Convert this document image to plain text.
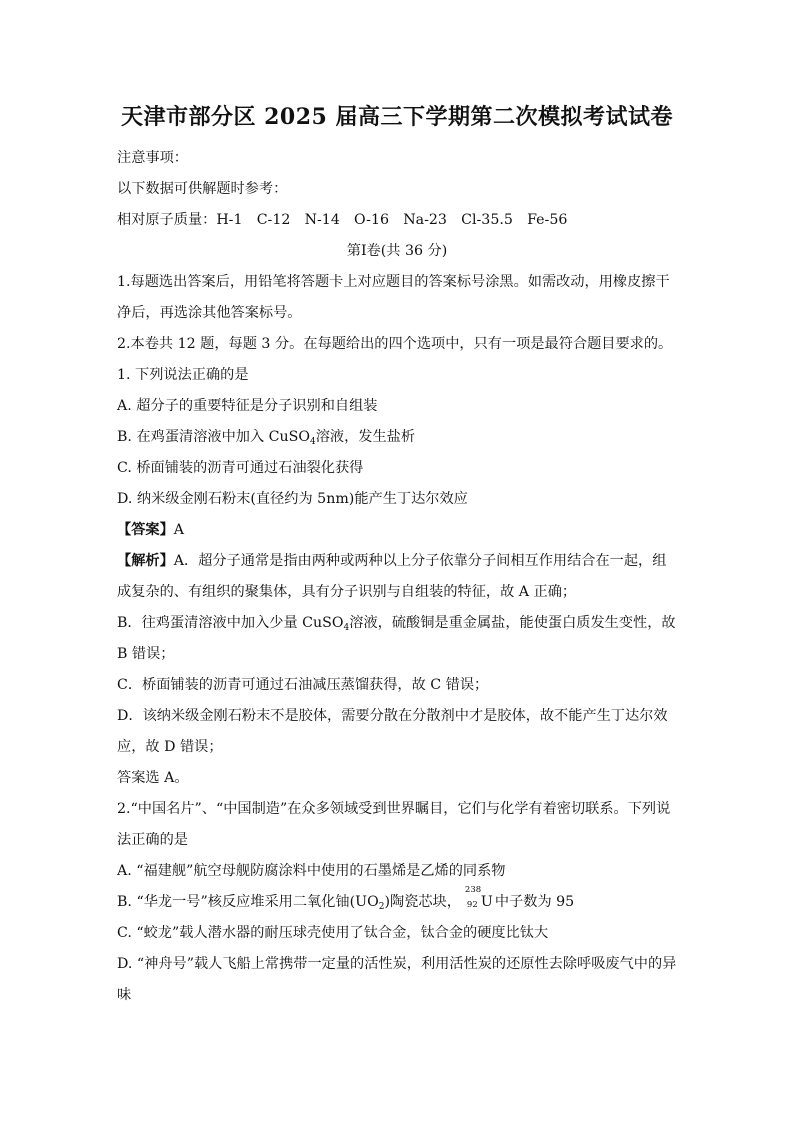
天津市部分区 2025 届高三下学期第二次模拟考试试卷
注意事项：
以下数据可供解题时参考：
相对原子质量：H-1　C-12　N-14　O-16　Na-23　Cl-35.5　Fe-56
第Ⅰ卷(共 36 分)
1.每题选出答案后，用铅笔将答题卡上对应题目的答案标号涂黑。如需改动，用橡皮擦干净后，再选涂其他答案标号。
2.本卷共 12 题，每题 3 分。在每题给出的四个选项中，只有一项是最符合题目要求的。
1. 下列说法正确的是
A. 超分子的重要特征是分子识别和自组装
B. 在鸡蛋清溶液中加入 CuSO$_4$溶液，发生盐析
C. 桥面铺装的沥青可通过石油裂化获得
D. 纳米级金刚石粉末(直径约为 5nm)能产生丁达尔效应
【答案】A
【解析】A．超分子通常是指由两种或两种以上分子依靠分子间相互作用结合在一起，组成复杂的、有组织的聚集体，具有分子识别与自组装的特征，故 A 正确；
B．往鸡蛋清溶液中加入少量 CuSO$_4$溶液，硫酸铜是重金属盐，能使蛋白质发生变性，故 B 错误；
C．桥面铺装的沥青可通过石油减压蒸馏获得，故 C 错误；
D．该纳米级金刚石粉末不是胶体，需要分散在分散剂中才是胶体，故不能产生丁达尔效应，故 D 错误；
答案选 A。
2.“中国名片”、“中国制造”在众多领域受到世界瞩目，它们与化学有着密切联系。下列说法正确的是
A. “福建舰”航空母舰防腐涂料中使用的石墨烯是乙烯的同系物
B. “华龙一号”核反应堆采用二氧化铀$(UO_2)$陶瓷芯块，
238
92 U 中子数为 95
C. “蛟龙”载人潜水器的耐压球壳使用了钛合金，钛合金的硬度比钛大
D. “神舟号”载人飞船上常携带一定量的活性炭，利用活性炭的还原性去除呼吸废气中的异味
